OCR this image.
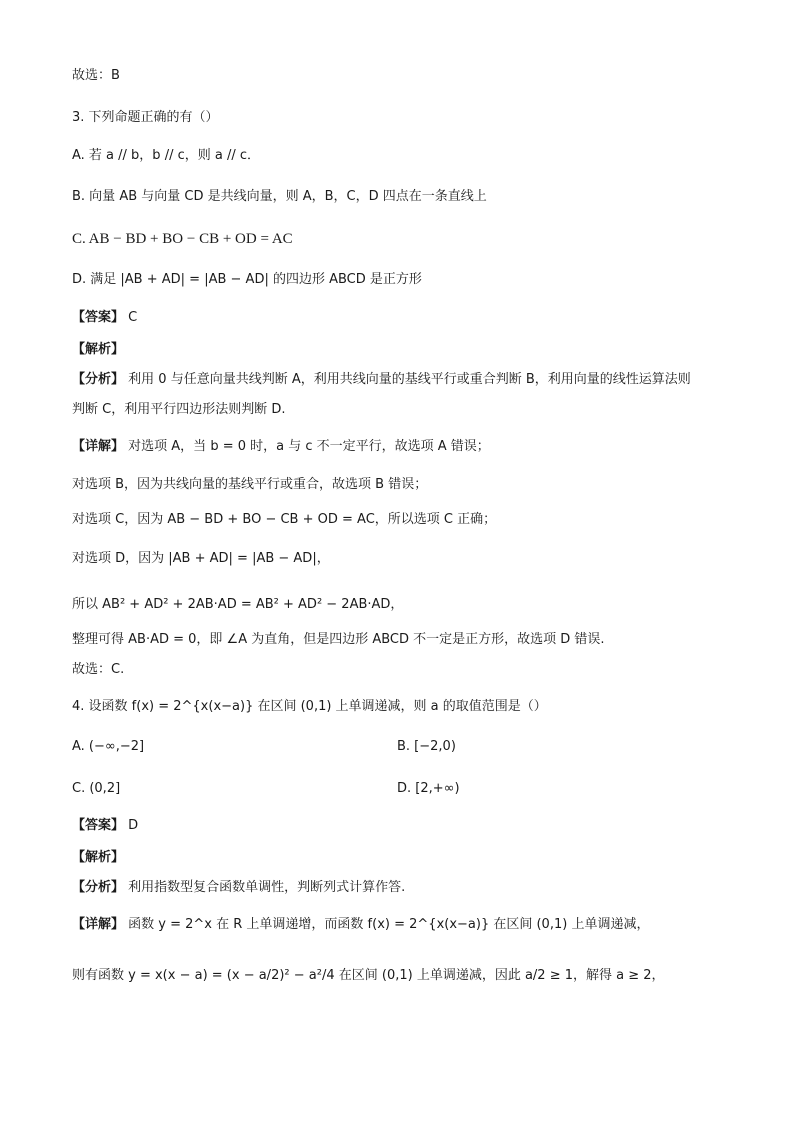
故选：B
3. 下列命题正确的有（）
A. 若 a // b，b // c，则 a // c．
B. 向量 AB 与向量 CD 是共线向量，则 A，B，C，D 四点在一条直线上
C. AB − BD + BO − CB + OD = AC
D. 满足 |AB + AD| = |AB − AD| 的四边形 ABCD 是正方形
【答案】 C
【解析】
【分析】 利用 0 与任意向量共线判断 A，利用共线向量的基线平行或重合判断 B，利用向量的线性运算法则
判断 C，利用平行四边形法则判断 D.
【详解】 对选项 A，当 b = 0 时，a 与 c 不一定平行，故选项 A 错误；
对选项 B，因为共线向量的基线平行或重合，故选项 B 错误；
对选项 C，因为 AB − BD + BO − CB + OD = AC，所以选项 C 正确；
对选项 D，因为 |AB + AD| = |AB − AD|，
所以 AB² + AD² + 2AB·AD = AB² + AD² − 2AB·AD，
整理可得 AB·AD = 0，即 ∠A 为直角，但是四边形 ABCD 不一定是正方形，故选项 D 错误.
故选：C.
4. 设函数 f(x) = 2^{x(x−a)} 在区间 (0,1) 上单调递减，则 a 的取值范围是（）
A. (−∞,−2]	B. [−2,0)
C. (0,2]	D. [2,+∞)
【答案】 D
【解析】
【分析】 利用指数型复合函数单调性，判断列式计算作答.
【详解】 函数 y = 2^x 在 R 上单调递增，而函数 f(x) = 2^{x(x−a)} 在区间 (0,1) 上单调递减，
则有函数 y = x(x − a) = (x − a/2)² − a²/4 在区间 (0,1) 上单调递减，因此 a/2 ≥ 1，解得 a ≥ 2，
